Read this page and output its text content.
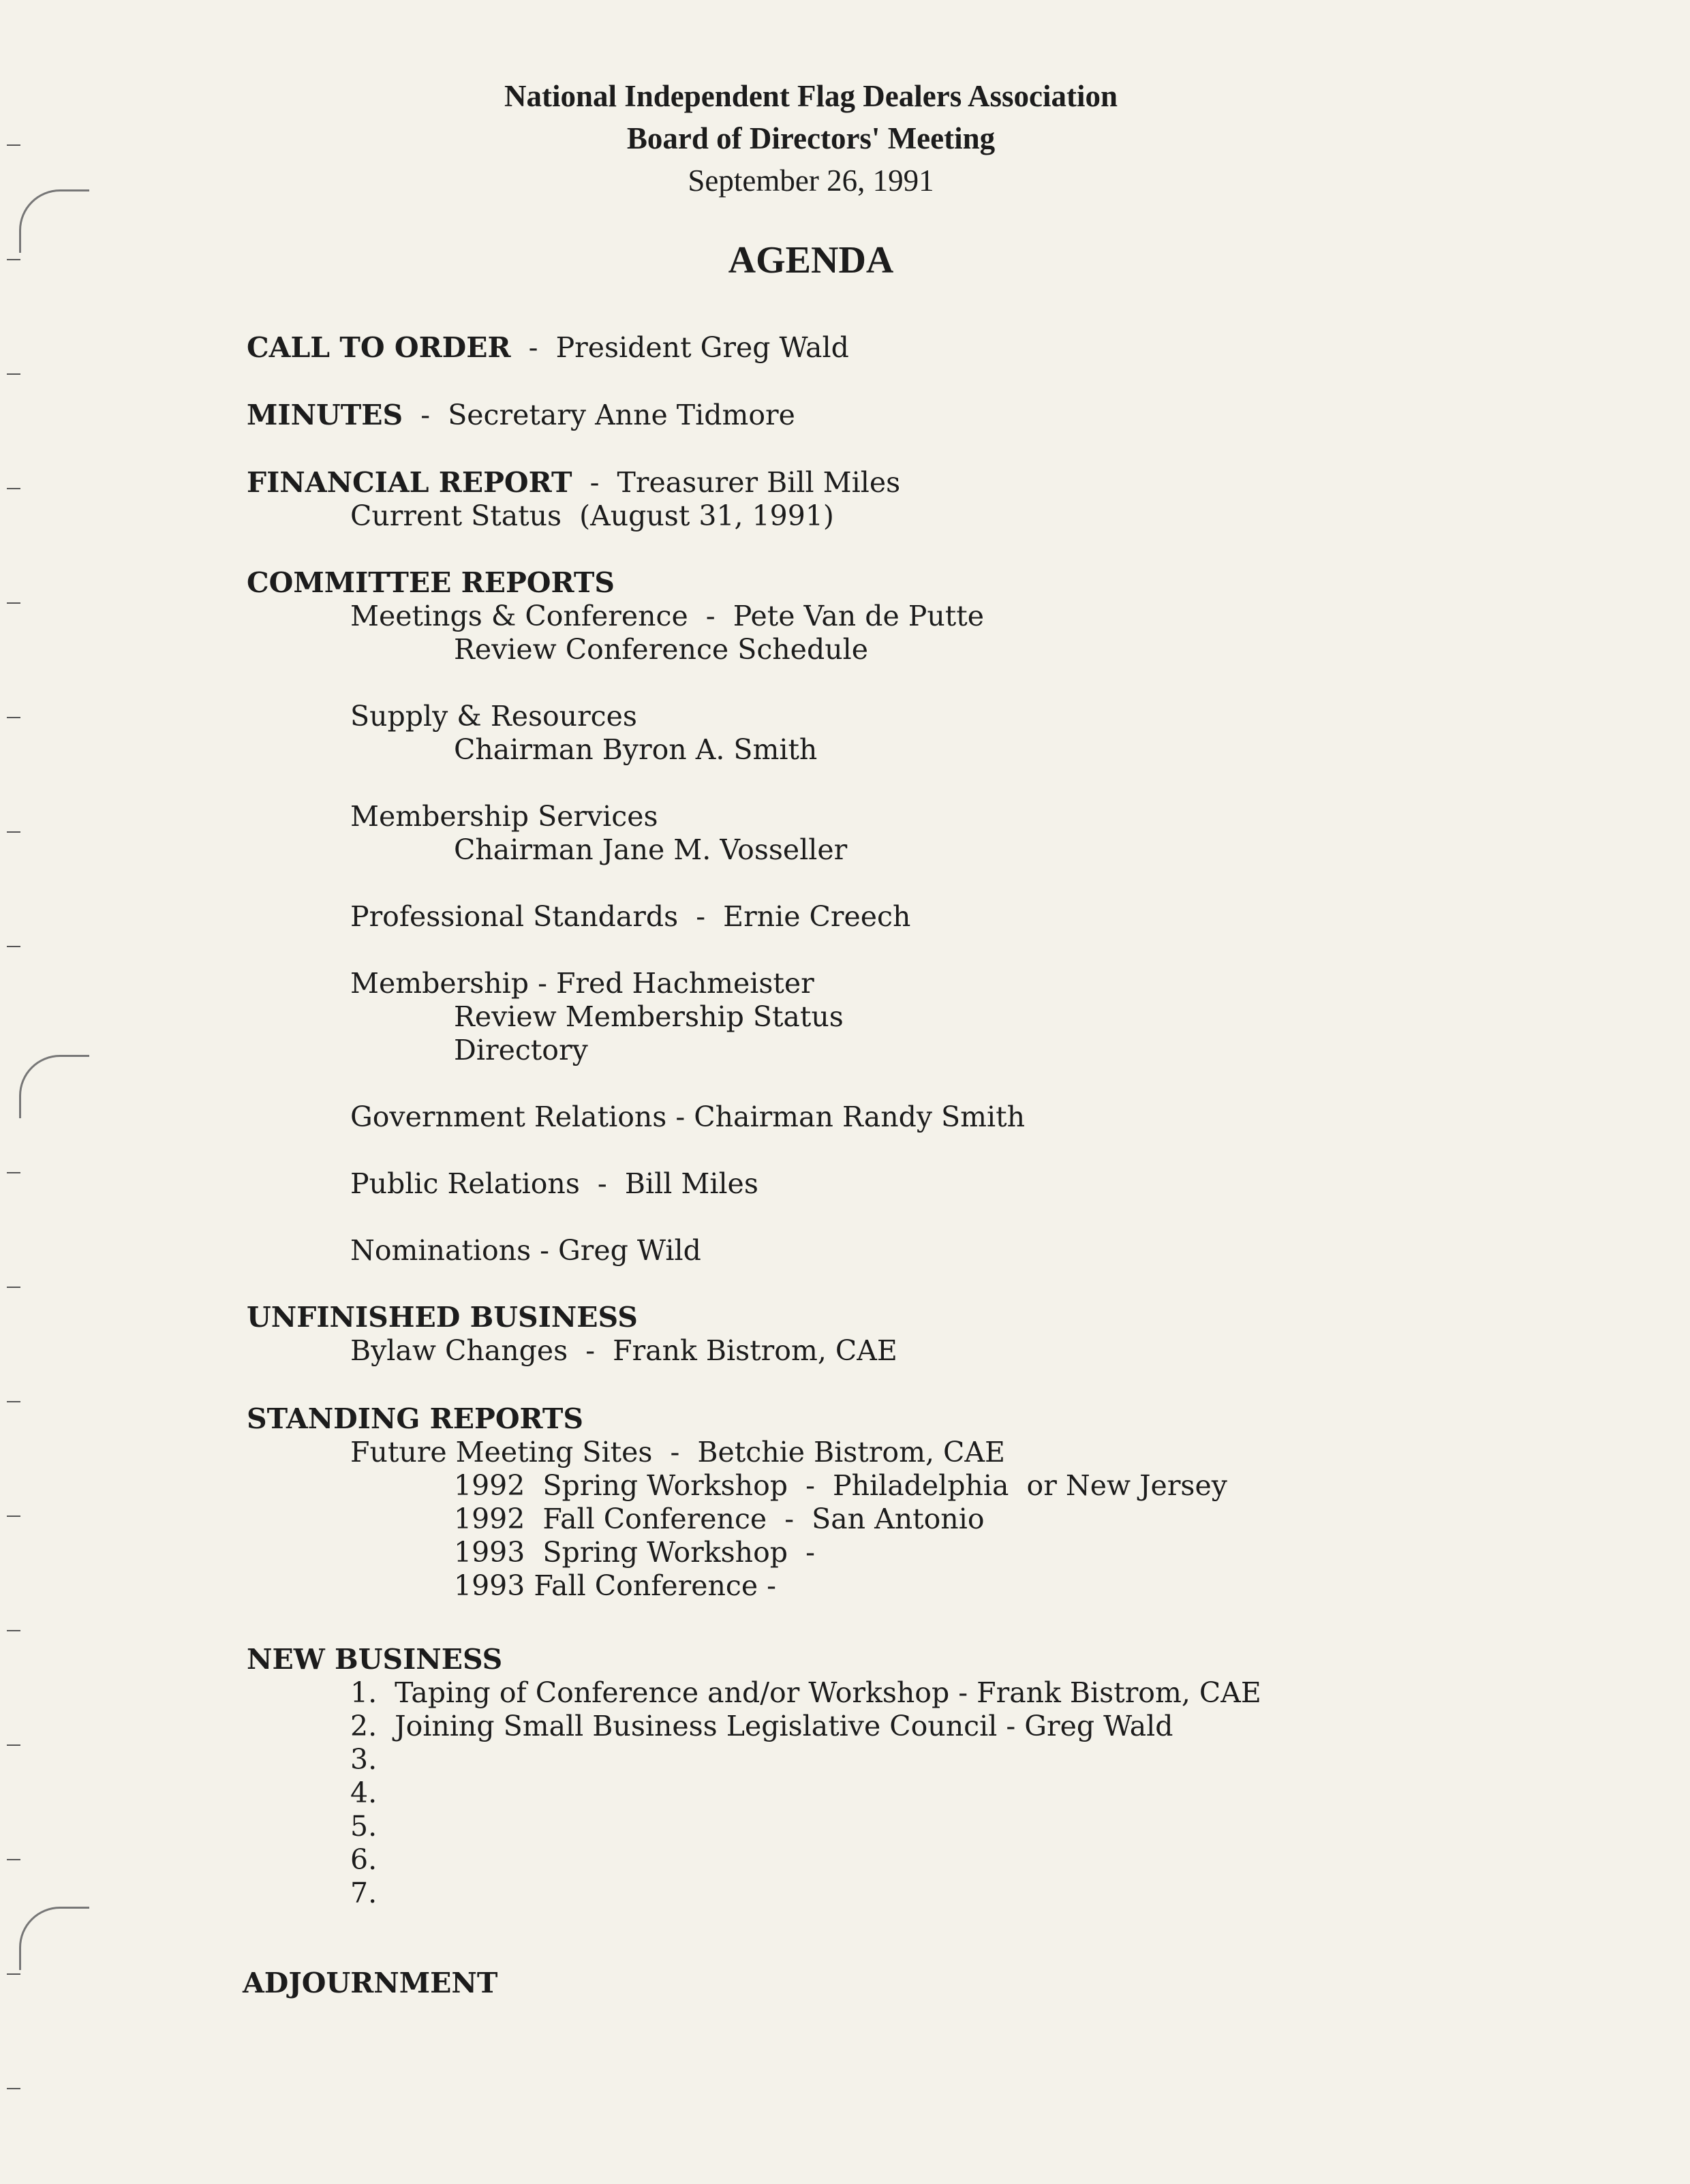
National Independent Flag Dealers Association
Board of Directors' Meeting
September 26, 1991
AGENDA
CALL TO ORDER - President Greg Wald
MINUTES - Secretary Anne Tidmore
FINANCIAL REPORT - Treasurer Bill Miles
Current Status  (August 31, 1991)
COMMITTEE REPORTS
Meetings & Conference  -  Pete Van de Putte
Review Conference Schedule
Supply & Resources
Chairman Byron A. Smith
Membership Services
Chairman Jane M. Vosseller
Professional Standards  -  Ernie Creech
Membership - Fred Hachmeister
Review Membership Status
Directory
Government Relations - Chairman Randy Smith
Public Relations  -  Bill Miles
Nominations - Greg Wild
UNFINISHED BUSINESS
Bylaw Changes  -  Frank Bistrom, CAE
STANDING REPORTS
Future Meeting Sites  -  Betchie Bistrom, CAE
1992  Spring Workshop  -  Philadelphia  or New Jersey
1992  Fall Conference  -  San Antonio
1993  Spring Workshop  -
1993 Fall Conference -
NEW BUSINESS
1.  Taping of Conference and/or Workshop - Frank Bistrom, CAE
2.  Joining Small Business Legislative Council - Greg Wald
3.
4.
5.
6.
7.
ADJOURNMENT
